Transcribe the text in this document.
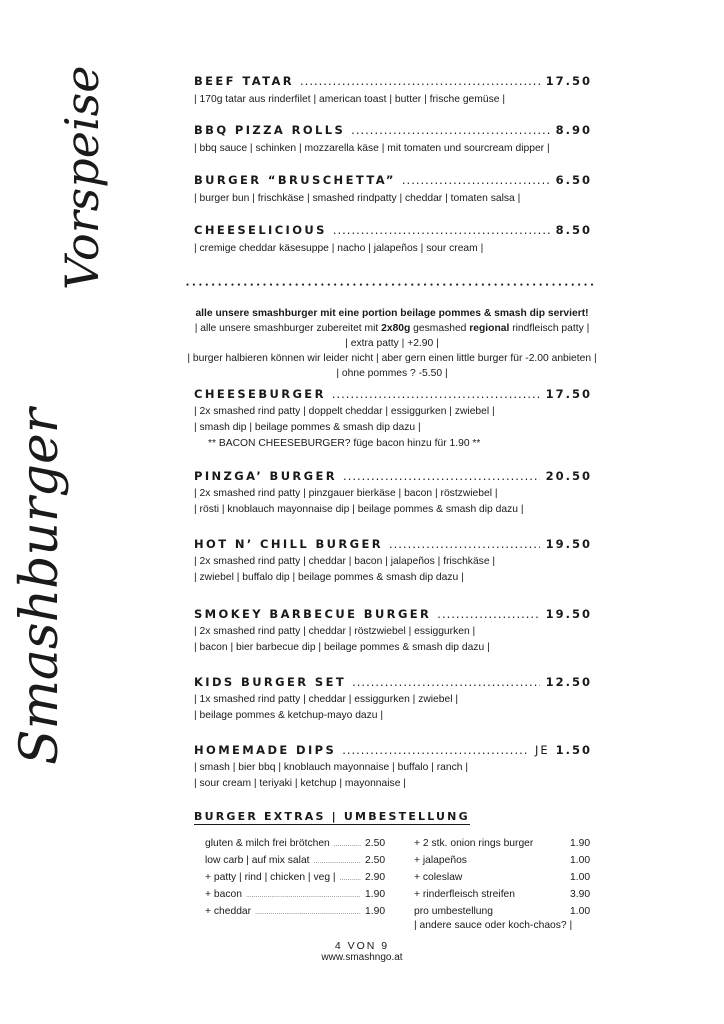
Vorspeise
Smashburger
BEEF TATAR .....	17.50
| 170g tatar aus rinderfilet | american toast | butter | frische gemüse |
BBQ PIZZA ROLLS .....	8.90
| bbq sauce | schinken | mozzarella käse | mit tomaten und sourcream dipper |
BURGER “BRUSCHETTA” .....	6.50
| burger bun | frischkäse | smashed rindpatty | cheddar | tomaten salsa |
CHEESELICIOUS .....	8.50
| cremige cheddar käsesuppe | nacho | jalapeños | sour cream |
●●●●●●●●●●●●●●●●●●●●●●●●●●●●●●●●●●●●●●●●●●●●●●●●●●●●●●●●●●●●●●●●
alle unsere smashburger mit eine portion beilage pommes & smash dip serviert!
| alle unsere smashburger zubereitet mit 2x80g gesmashed regional rindfleisch patty |
| extra patty | +2.90 |
| burger halbieren können wir leider nicht | aber gern einen little burger für -2.00 anbieten |
| ohne pommes ? -5.50 |
CHEESEBURGER .....	17.50
| 2x smashed rind patty | doppelt cheddar | essiggurken | zwiebel |
| smash dip | beilage pommes & smash dip dazu |
** BACON CHEESEBURGER? füge bacon hinzu für 1.90 **
PINZGA’ BURGER .....	20.50
| 2x smashed rind patty | pinzgauer bierkäse | bacon | röstzwiebel |
| rösti | knoblauch mayonnaise dip | beilage pommes & smash dip dazu |
HOT N’ CHILL BURGER .....	19.50
| 2x smashed rind patty | cheddar | bacon | jalapeños | frischkäse |
| zwiebel | buffalo dip | beilage pommes & smash dip dazu |
SMOKEY BARBECUE BURGER .....	19.50
| 2x smashed rind patty | cheddar | röstzwiebel | essiggurken |
| bacon | bier barbecue dip | beilage pommes & smash dip dazu |
KIDS BURGER SET .....	12.50
| 1x smashed rind patty | cheddar | essiggurken | zwiebel |
| beilage pommes & ketchup-mayo dazu |
HOMEMADE DIPS .....	JE 1.50
| smash | bier bbq | knoblauch mayonnaise | buffalo | ranch |
| sour cream | teriyaki | ketchup | mayonnaise |
BURGER EXTRAS | UMBESTELLUNG
gluten & milch frei brötchen .....	2.50
low carb | auf mix salat .....	2.50
+ patty | rind | chicken | veg | .....	2.90
+ bacon .....	1.90
+ cheddar .....	1.90
+ 2 stk. onion rings burger	1.90
+ jalapeños	1.00
+ coleslaw	1.00
+ rinderfleisch streifen	3.90
pro umbestellung	1.00
| andere sauce oder koch-chaos? |
4 VON 9
www.smashngo.at
